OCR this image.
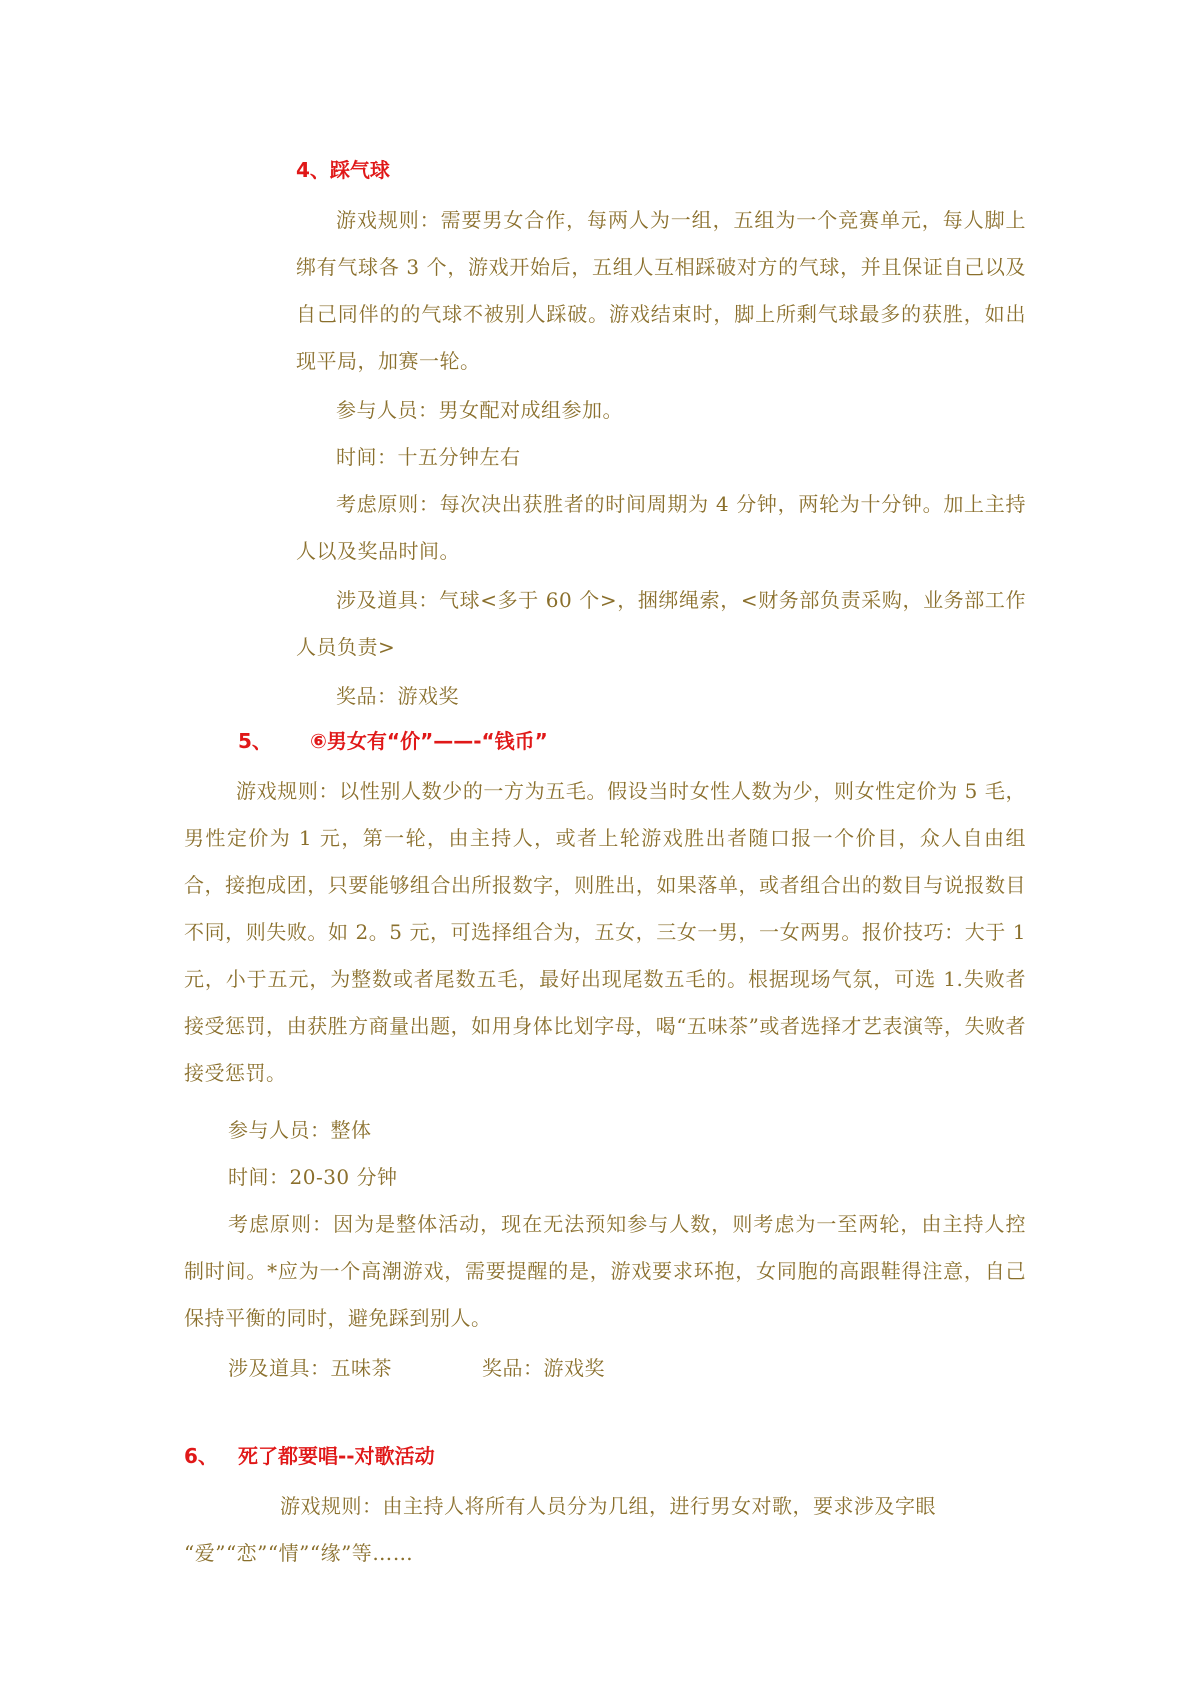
4、踩气球

游戏规则：需要男女合作，每两人为一组，五组为一个竞赛单元，每人脚上绑有气球各 3 个，游戏开始后，五组人互相踩破对方的气球，并且保证自己以及自己同伴的的气球不被别人踩破。游戏结束时，脚上所剩气球最多的获胜，如出现平局，加赛一轮。

参与人员：男女配对成组参加。

时间：十五分钟左右

考虑原则：每次决出获胜者的时间周期为 4 分钟，两轮为十分钟。加上主持人以及奖品时间。

涉及道具：气球<多于 60 个>，捆绑绳索，<财务部负责采购，业务部工作人员负责>

奖品：游戏奖

5、 ⑥男女有“价”——-“钱币”

游戏规则：以性别人数少的一方为五毛。假设当时女性人数为少，则女性定价为 5 毛，男性定价为 1 元，第一轮，由主持人，或者上轮游戏胜出者随口报一个价目，众人自由组合，接抱成团，只要能够组合出所报数字，则胜出，如果落单，或者组合出的数目与说报数目不同，则失败。如 2。5 元，可选择组合为，五女，三女一男，一女两男。报价技巧：大于 1 元，小于五元，为整数或者尾数五毛，最好出现尾数五毛的。根据现场气氛，可选 1.失败者接受惩罚，由获胜方商量出题，如用身体比划字母，喝“五味茶”或者选择才艺表演等，失败者接受惩罚。

参与人员：整体

时间：20-30 分钟

考虑原则：因为是整体活动，现在无法预知参与人数，则考虑为一至两轮，由主持人控制时间。*应为一个高潮游戏，需要提醒的是，游戏要求环抱，女同胞的高跟鞋得注意，自己保持平衡的同时，避免踩到别人。

涉及道具：五味茶	奖品：游戏奖

6、 死了都要唱--对歌活动

游戏规则：由主持人将所有人员分为几组，进行男女对歌，要求涉及字眼

“爱”“恋”“情”“缘”等……
